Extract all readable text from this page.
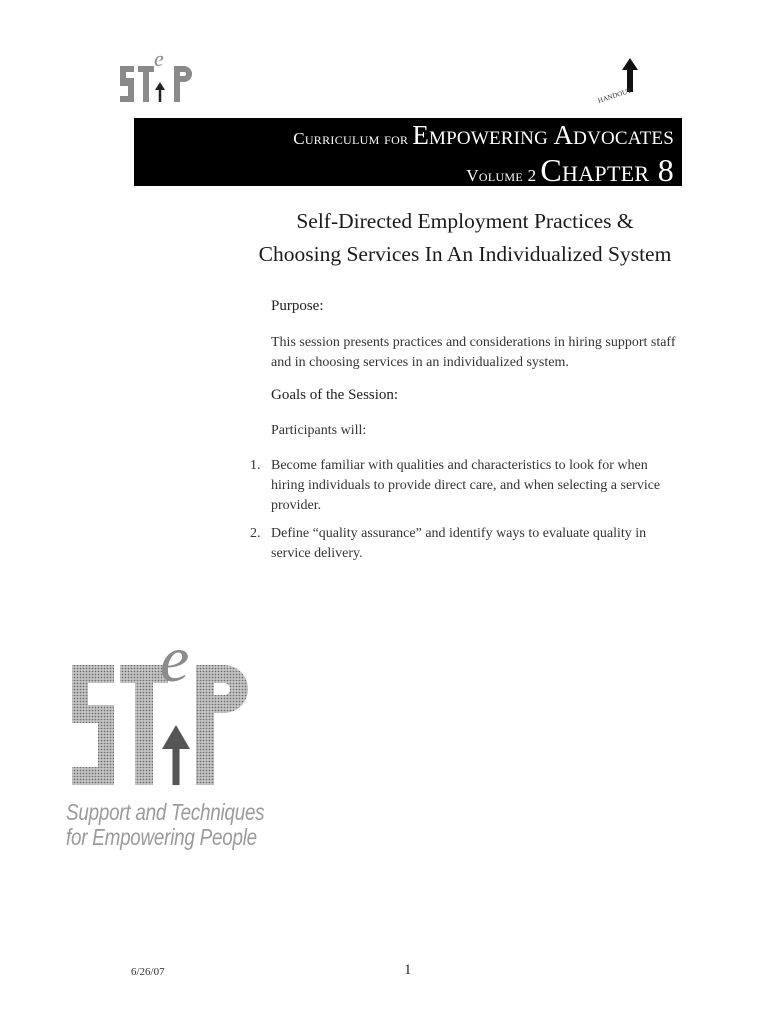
e
HANDOUT
Curriculum for Empowering Advocates
Volume 2 Chapter 8
Self-Directed Employment Practices &
Choosing Services In An Individualized System
Purpose:
This session presents practices and considerations in hiring support staff and in choosing services in an individualized system.
Goals of the Session:
Participants will:
1. Become familiar with qualities and characteristics to look for when hiring individuals to provide direct care, and when selecting a service provider.
2. Define “quality assurance” and identify ways to evaluate quality in service delivery.
e
Support and Techniques
for Empowering People
6/26/07	1
